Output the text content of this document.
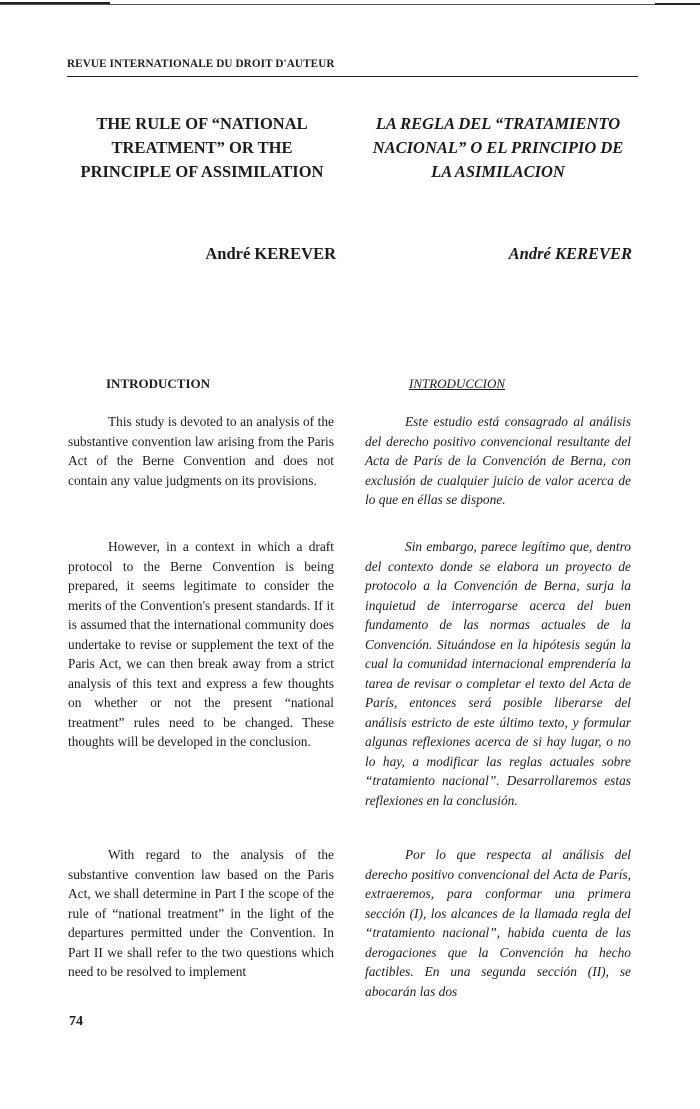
REVUE INTERNATIONALE DU DROIT D'AUTEUR
THE RULE OF “NATIONAL TREATMENT” OR THE PRINCIPLE OF ASSIMILATION
LA REGLA DEL “TRATAMIENTO NACIONAL” O EL PRINCIPIO DE LA ASIMILACION
André KEREVER	André KEREVER
INTRODUCTION	INTRODUCCION

This study is devoted to an analysis of the substantive convention law arising from the Paris Act of the Berne Convention and does not contain any value judgments on its provisions.

However, in a context in which a draft protocol to the Berne Convention is being prepared, it seems legitimate to consider the merits of the Convention's present standards. If it is assumed that the international community does undertake to revise or supplement the text of the Paris Act, we can then break away from a strict analysis of this text and express a few thoughts on whether or not the present “national treatment” rules need to be changed. These thoughts will be developed in the conclusion.

With regard to the analysis of the substantive convention law based on the Paris Act, we shall determine in Part I the scope of the rule of “national treatment” in the light of the departures permitted under the Convention. In Part II we shall refer to the two questions which need to be resolved to implement

Este estudio está consagrado al análisis del derecho positivo convencional resultante del Acta de París de la Convención de Berna, con exclusión de cualquier juicio de valor acerca de lo que en éllas se dispone.

Sin embargo, parece legítimo que, dentro del contexto donde se elabora un proyecto de protocolo a la Convención de Berna, surja la inquietud de interrogarse acerca del buen fundamento de las normas actuales de la Convención. Situándose en la hipótesis según la cual la comunidad internacional emprendería la tarea de revisar o completar el texto del Acta de París, entonces será posible liberarse del análisis estricto de este último texto, y formular algunas reflexiones acerca de si hay lugar, o no lo hay, a modificar las reglas actuales sobre “tratamiento nacional”. Desarrollaremos estas reflexiones en la conclusión.

Por lo que respecta al análisis del derecho positivo convencional del Acta de París, extraeremos, para conformar una primera sección (I), los alcances de la llamada regla del “tratamiento nacional”, habida cuenta de las derogaciones que la Convención ha hecho factibles. En una segunda sección (II), se abocarán las dos

74
